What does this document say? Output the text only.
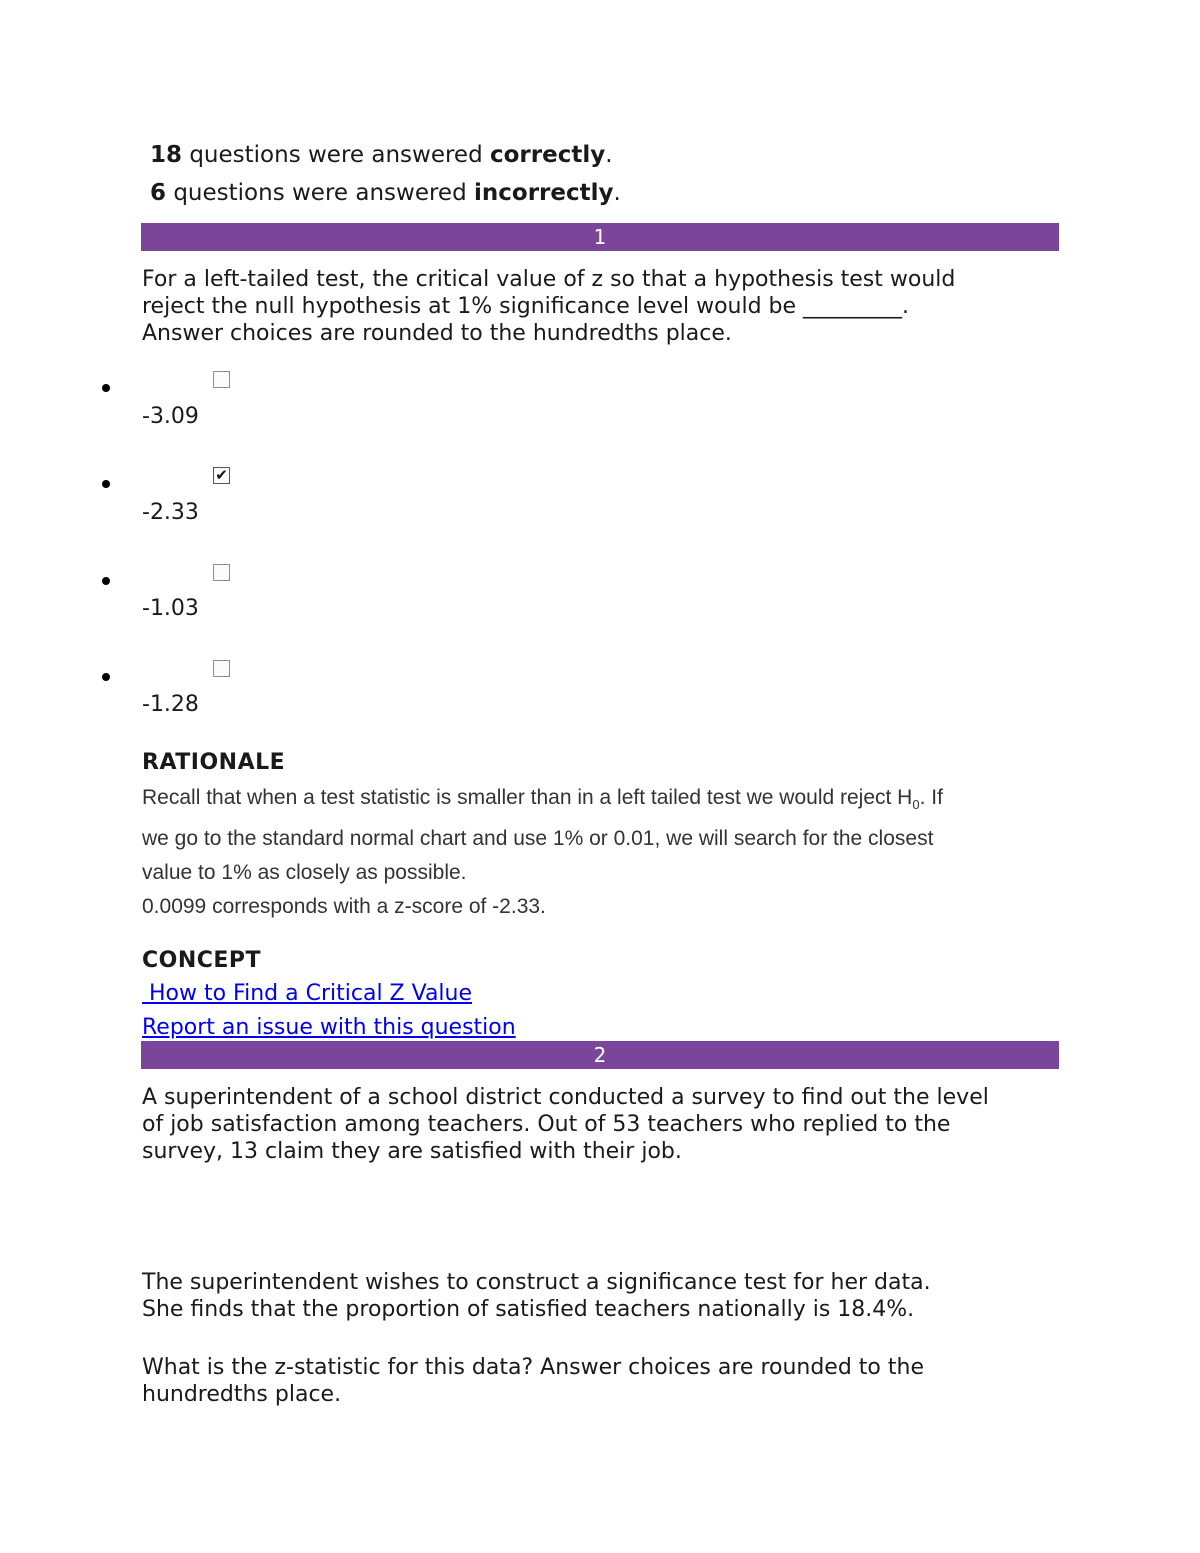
18 questions were answered correctly.
6 questions were answered incorrectly.
1
For a left-tailed test, the critical value of z so that a hypothesis test would
reject the null hypothesis at 1% significance level would be _________.
Answer choices are rounded to the hundredths place.
-3.09
✔
-2.33
-1.03
-1.28
RATIONALE
Recall that when a test statistic is smaller than in a left tailed test we would reject $H_0$. If
we go to the standard normal chart and use 1% or 0.01, we will search for the closest
value to 1% as closely as possible.
0.0099 corresponds with a z-score of -2.33.
CONCEPT
How to Find a Critical Z Value
Report an issue with this question
2
A superintendent of a school district conducted a survey to find out the level
of job satisfaction among teachers. Out of 53 teachers who replied to the
survey, 13 claim they are satisfied with their job.
The superintendent wishes to construct a significance test for her data.
She finds that the proportion of satisfied teachers nationally is 18.4%.
What is the z-statistic for this data? Answer choices are rounded to the
hundredths place.
